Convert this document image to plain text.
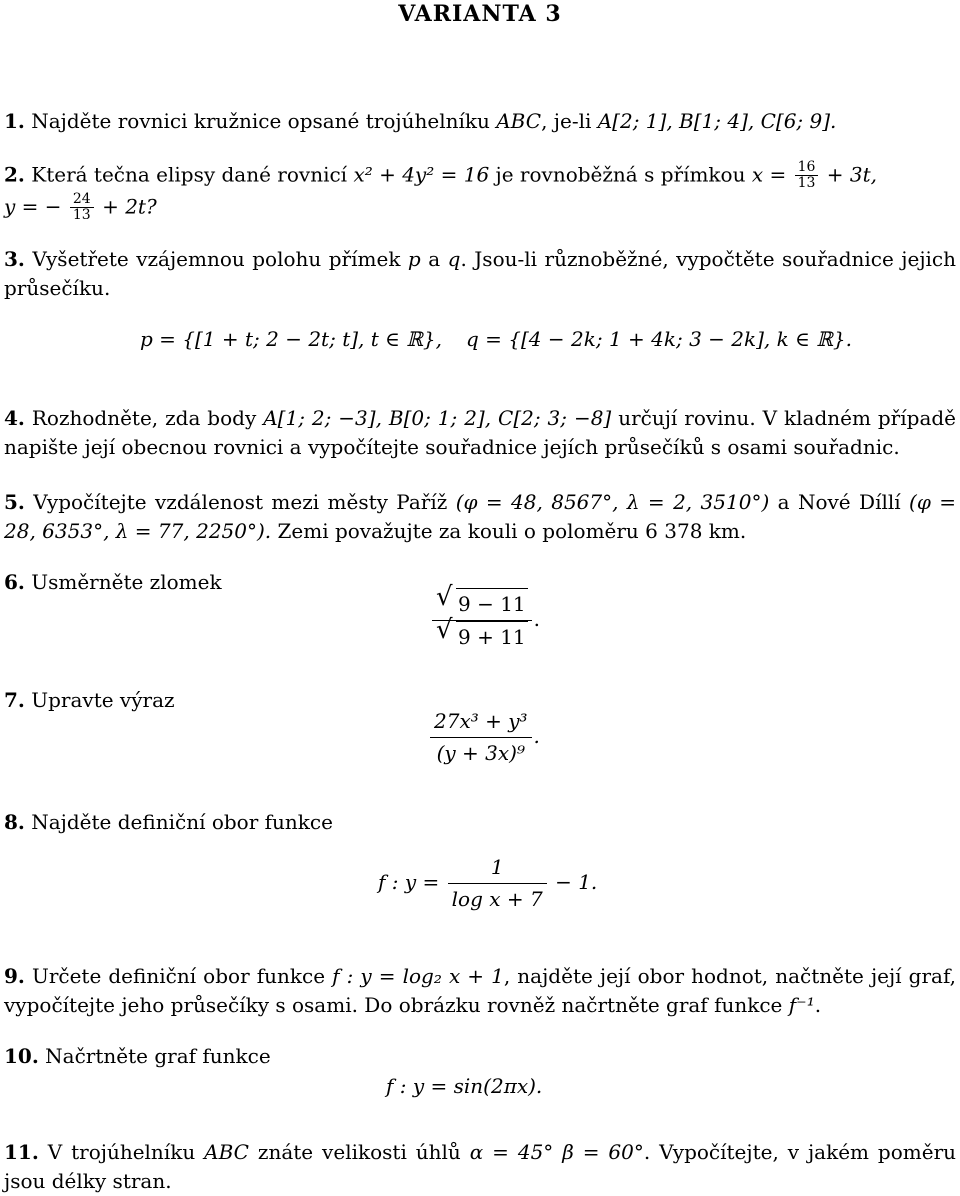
VARIANTA 3
1. Najděte rovnici kružnice opsané trojúhelníku ABC, je-li A[2; 1], B[1; 4], C[6; 9].
2. Která tečna elipsy dané rovnicí x² + 4y² = 16 je rovnoběžná s přímkou $x = \frac{16}{13} + 3t$,
y = − $\frac{24}{13} + 2t$?
3. Vyšetřete vzájemnou polohu přímek p a q. Jsou-li různoběžné, vypočtěte souřadnice jejich průsečíku.
p = {[1 + t; 2 − 2t; t], t ∈ ℝ}, q = {[4 − 2k; 1 + 4k; 3 − 2k], k ∈ ℝ}.
4. Rozhodněte, zda body A[1; 2; −3], B[0; 1; 2], C[2; 3; −8] určují rovinu. V kladném případě napište její obecnou rovnici a vypočítejte souřadnice jejích průsečíků s osami souřadnic.
5. Vypočítejte vzdálenost mezi městy Paříž (φ = 48, 8567°, λ = 2, 3510°) a Nové Díllí (φ = 28, 6353°, λ = 77, 2250°). Zemi považujte za kouli o poloměru 6 378 km.
6. Usměrněte zlomek
√ 9 − 11
√ 9 + 11 .
7. Upravte výraz
$\frac{\text{27x³ + y³}}{\text{(y + 3x)⁹}}$ .
8. Najděte definiční obor funkce
f : $y = \frac{1}{\text{log x + 7}} - 1$.
9. Určete definiční obor funkce f : y = log₂ x + 1, najděte její obor hodnot, načtněte její graf, vypočítejte jeho průsečíky s osami. Do obrázku rovněž načrtněte graf funkce f⁻¹.
10. Načrtněte graf funkce
f : y = sin(2πx).
11. V trojúhelníku ABC znáte velikosti úhlů α = 45° β = 60°. Vypočítejte, v jakém poměru jsou délky stran.
